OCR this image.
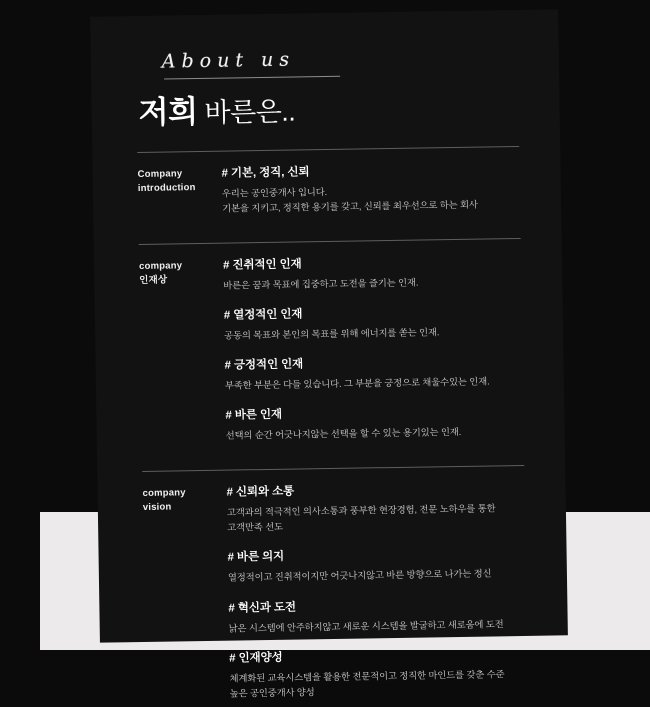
About us
저희 바른은..
Company
introduction
# 기본, 정직, 신뢰

우리는 공인중개사 입니다.

기본을 지키고, 정직한 용기를 갖고, 신뢰를 최우선으로 하는 회사

company
인재상
# 진취적인 인재

바른은 꿈과 목표에 집중하고 도전을 즐기는 인재.

# 열정적인 인재

공동의 목표와 본인의 목표를 위해 에너지를 쏟는 인재.

# 긍정적인 인재

부족한 부분은 다들 있습니다. 그 부분을 긍정으로 채울수있는 인재.

# 바른 인재

선택의 순간 어긋나지않는 선택을 할 수 있는 용기있는 인재.

company
vision
# 신뢰와 소통

고객과의 적극적인 의사소통과 풍부한 현장경험, 전문 노하우를 통한

고객만족 선도

# 바른 의지

열정적이고 진취적이지만 어긋나지않고 바른 방향으로 나가는 정신

# 혁신과 도전

낡은 시스템에 안주하지않고 새로운 시스템을 발굴하고 새로움에 도전

# 인재양성

체계화된 교육시스템을 활용한 전문적이고 정직한 마인드를 갖춘 수준

높은 공인중개사 양성
